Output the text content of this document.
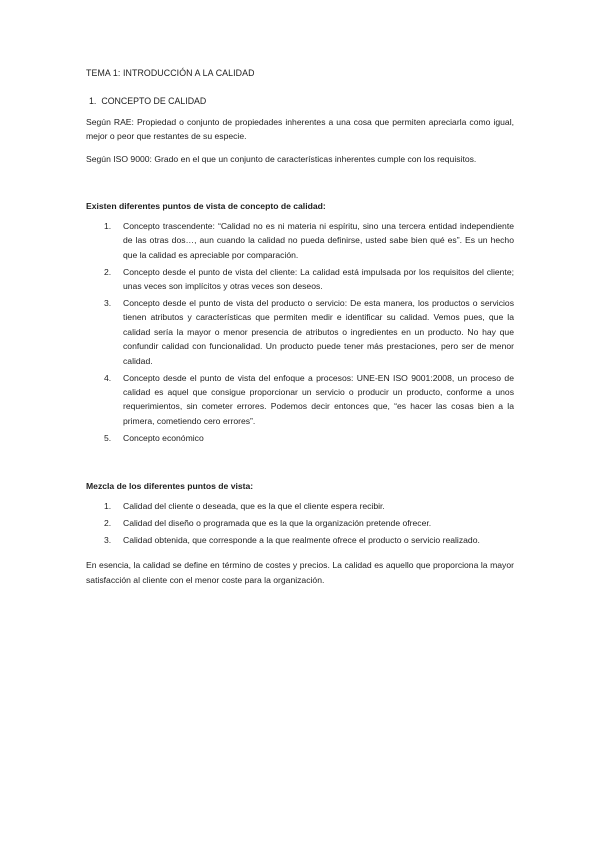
TEMA 1: INTRODUCCIÓN A LA CALIDAD

1. CONCEPTO DE CALIDAD

Según RAE: Propiedad o conjunto de propiedades inherentes a una cosa que permiten apreciarla como igual, mejor o peor que restantes de su especie.

Según ISO 9000: Grado en el que un conjunto de características inherentes cumple con los requisitos.

Existen diferentes puntos de vista de concepto de calidad:

1. Concepto trascendente: “Calidad no es ni materia ni espíritu, sino una tercera entidad independiente de las otras dos…, aun cuando la calidad no pueda definirse, usted sabe bien qué es”. Es un hecho que la calidad es apreciable por comparación.
2. Concepto desde el punto de vista del cliente: La calidad está impulsada por los requisitos del cliente; unas veces son implícitos y otras veces son deseos.
3. Concepto desde el punto de vista del producto o servicio: De esta manera, los productos o servicios tienen atributos y características que permiten medir e identificar su calidad. Vemos pues, que la calidad sería la mayor o menor presencia de atributos o ingredientes en un producto. No hay que confundir calidad con funcionalidad. Un producto puede tener más prestaciones, pero ser de menor calidad.
4. Concepto desde el punto de vista del enfoque a procesos: UNE-EN ISO 9001:2008, un proceso de calidad es aquel que consigue proporcionar un servicio o producir un producto, conforme a unos requerimientos, sin cometer errores. Podemos decir entonces que, “es hacer las cosas bien a la primera, cometiendo cero errores”.
5. Concepto económico

Mezcla de los diferentes puntos de vista:

1. Calidad del cliente o deseada, que es la que el cliente espera recibir.
2. Calidad del diseño o programada que es la que la organización pretende ofrecer.
3. Calidad obtenida, que corresponde a la que realmente ofrece el producto o servicio realizado.

En esencia, la calidad se define en término de costes y precios. La calidad es aquello que proporciona la mayor satisfacción al cliente con el menor coste para la organización.
